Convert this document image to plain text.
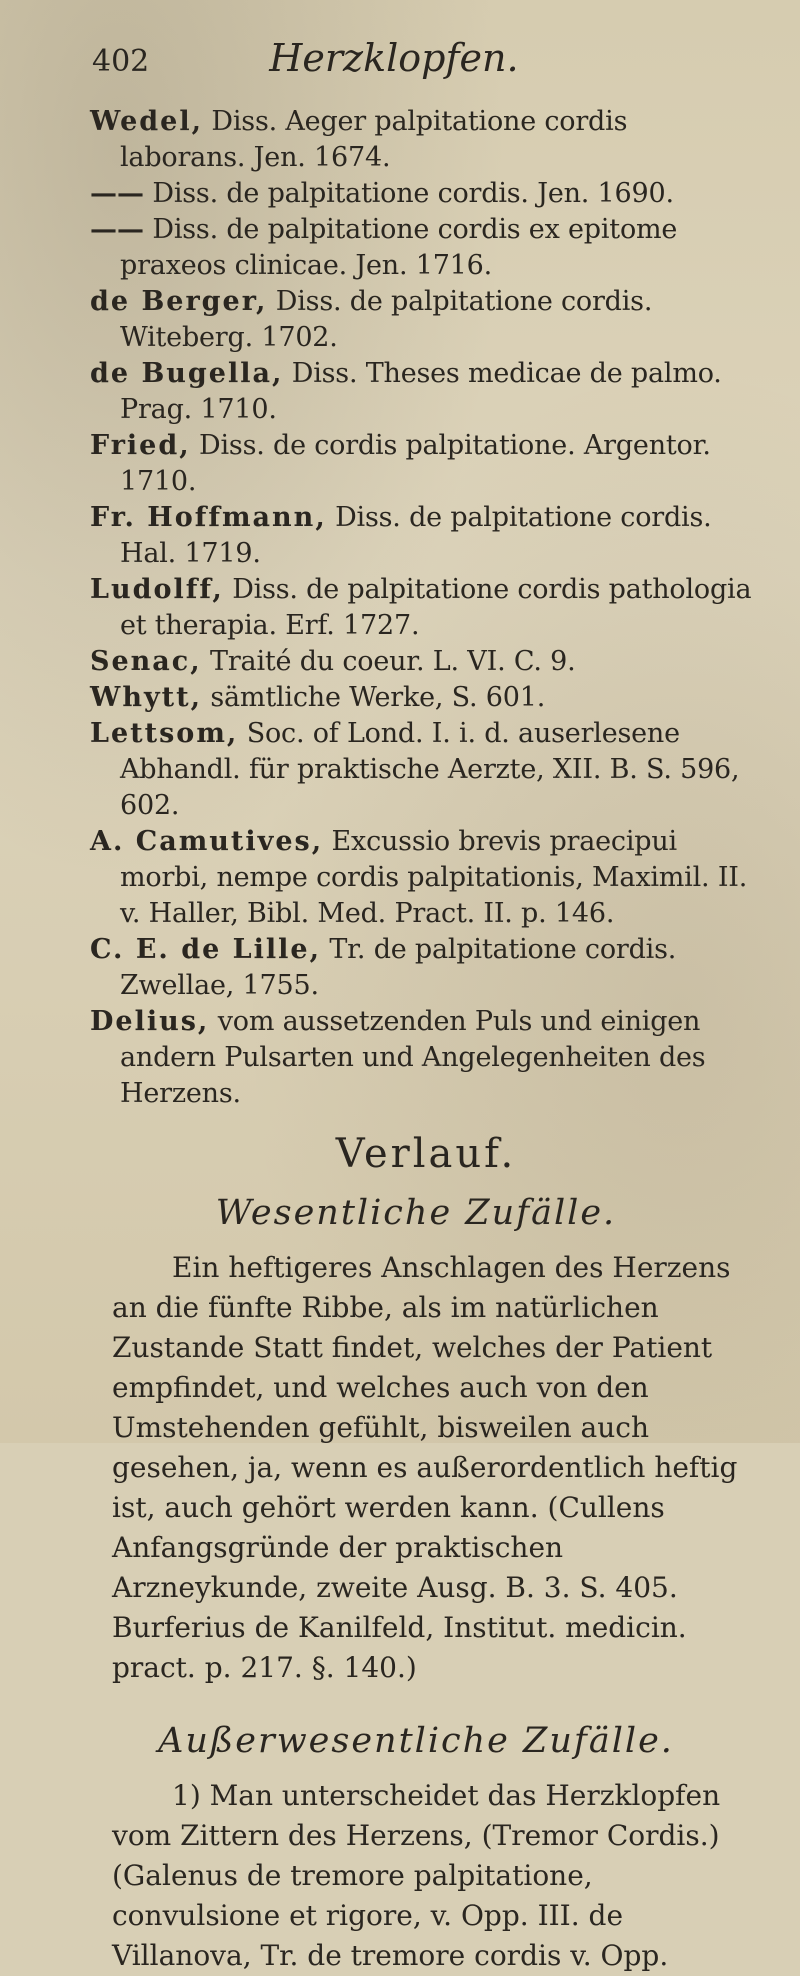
402	Herzklopfen.
Wedel, Diss. Aeger palpitatione cordis laborans. Jen. 1674.
—— Diss. de palpitatione cordis. Jen. 1690.
—— Diss. de palpitatione cordis ex epitome praxeos clinicae. Jen. 1716.
de Berger, Diss. de palpitatione cordis. Witeberg. 1702.
de Bugella, Diss. Theses medicae de palmo. Prag. 1710.
Fried, Diss. de cordis palpitatione. Argentor. 1710.
Fr. Hoffmann, Diss. de palpitatione cordis. Hal. 1719.
Ludolff, Diss. de palpitatione cordis pathologia et therapia. Erf. 1727.
Senac, Traité du coeur. L. VI. C. 9.
Whytt, sämtliche Werke, S. 601.
Lettsom, Soc. of Lond. I. i. d. auserlesene Abhandl. für praktische Aerzte, XII. B. S. 596, 602.
A. Camutives, Excussio brevis praecipui morbi, nempe cordis palpitationis, Maximil. II. v. Haller, Bibl. Med. Pract. II. p. 146.
C. E. de Lille, Tr. de palpitatione cordis. Zwellae, 1755.
Delius, vom aussetzenden Puls und einigen andern Pulsarten und Angelegenheiten des Herzens.
Verlauf.
Wesentliche Zufälle.

Ein heftigeres Anschlagen des Herzens an die fünfte Ribbe, als im natürlichen Zustande Statt findet, welches der Patient empfindet, und welches auch von den Umstehenden gefühlt, bisweilen auch gesehen, ja, wenn es außerordentlich heftig ist, auch gehört werden kann. (Cullens Anfangsgründe der praktischen Arzneykunde, zweite Ausg. B. 3. S. 405. Burferius de Kanilfeld, Institut. medicin. pract. p. 217. §. 140.)

Außerwesentliche Zufälle.

1) Man unterscheidet das Herzklopfen vom Zittern des Herzens, (Tremor Cordis.) (Galenus de tremore palpitatione, convulsione et rigore, v. Opp. III. de Villanova, Tr. de tremore cordis v. Opp.
